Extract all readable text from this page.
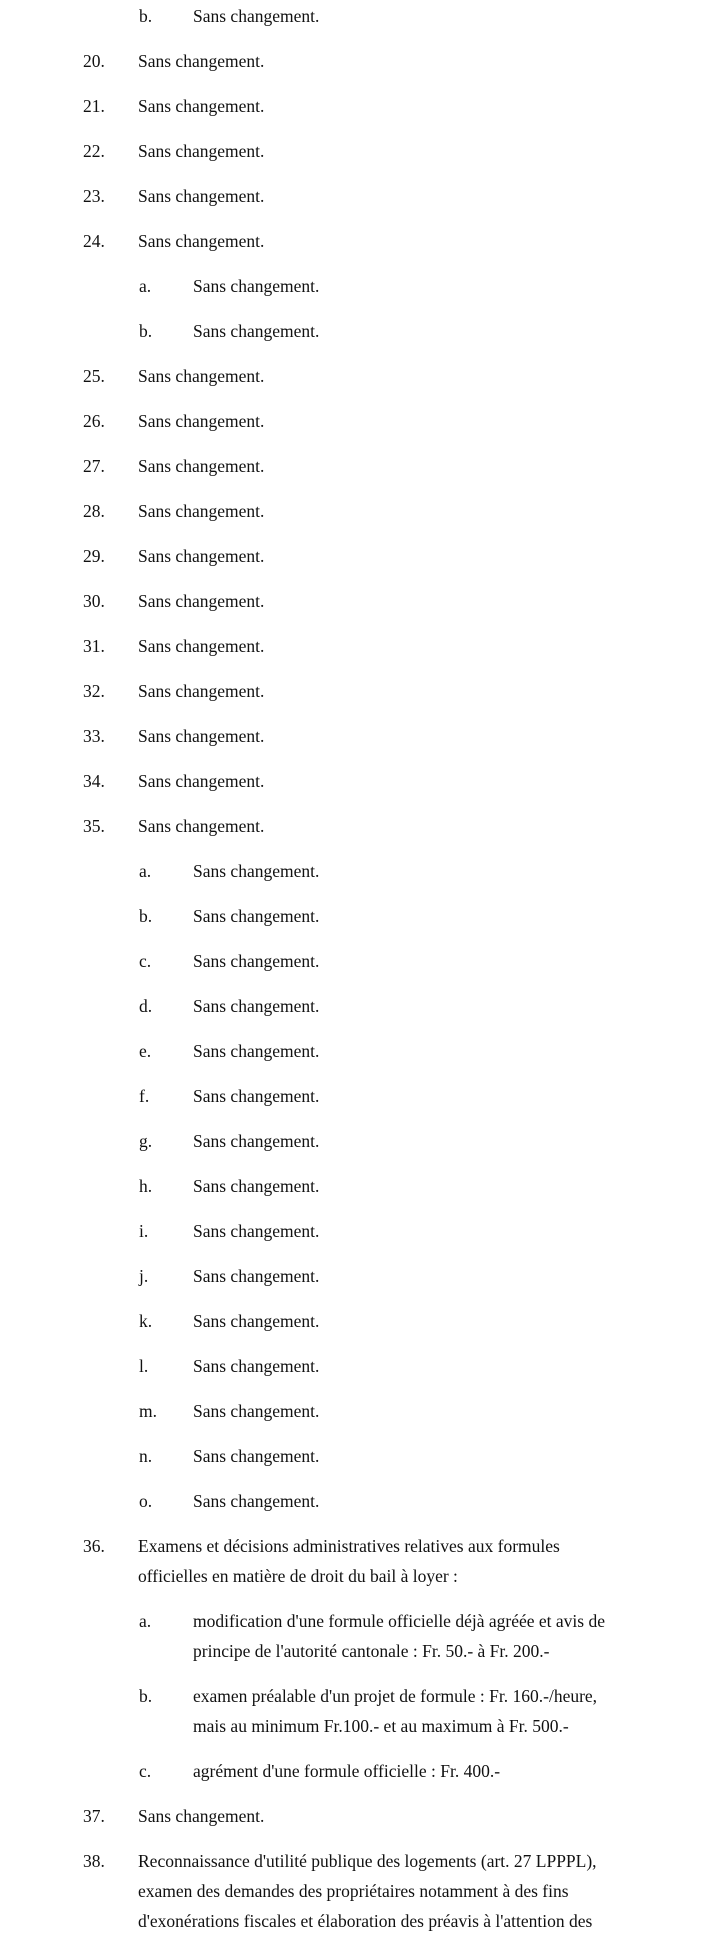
b. Sans changement.
20. Sans changement.
21. Sans changement.
22. Sans changement.
23. Sans changement.
24. Sans changement.
a. Sans changement.
b. Sans changement.
25. Sans changement.
26. Sans changement.
27. Sans changement.
28. Sans changement.
29. Sans changement.
30. Sans changement.
31. Sans changement.
32. Sans changement.
33. Sans changement.
34. Sans changement.
35. Sans changement.
a. Sans changement.
b. Sans changement.
c. Sans changement.
d. Sans changement.
e. Sans changement.
f.	Sans changement.
g. Sans changement.
h. Sans changement.
i.	Sans changement.
j.	Sans changement.
k. Sans changement.
l.	Sans changement.
m. Sans changement.
n. Sans changement.
o. Sans changement.
36. Examens et décisions administratives relatives aux formules
officielles en matière de droit du bail à loyer :
a. modification d'une formule officielle déjà agréée et avis de
principe de l'autorité cantonale : Fr. 50.- à Fr. 200.-
b. examen préalable d'un projet de formule : Fr. 160.-/heure,
mais au minimum Fr.100.- et au maximum à Fr. 500.-
c. agrément d'une formule officielle : Fr. 400.-
37. Sans changement.
38. Reconnaissance d'utilité publique des logements (art. 27 LPPPL),
examen des demandes des propriétaires notamment à des fins
d'exonérations fiscales et élaboration des préavis à l'attention des
